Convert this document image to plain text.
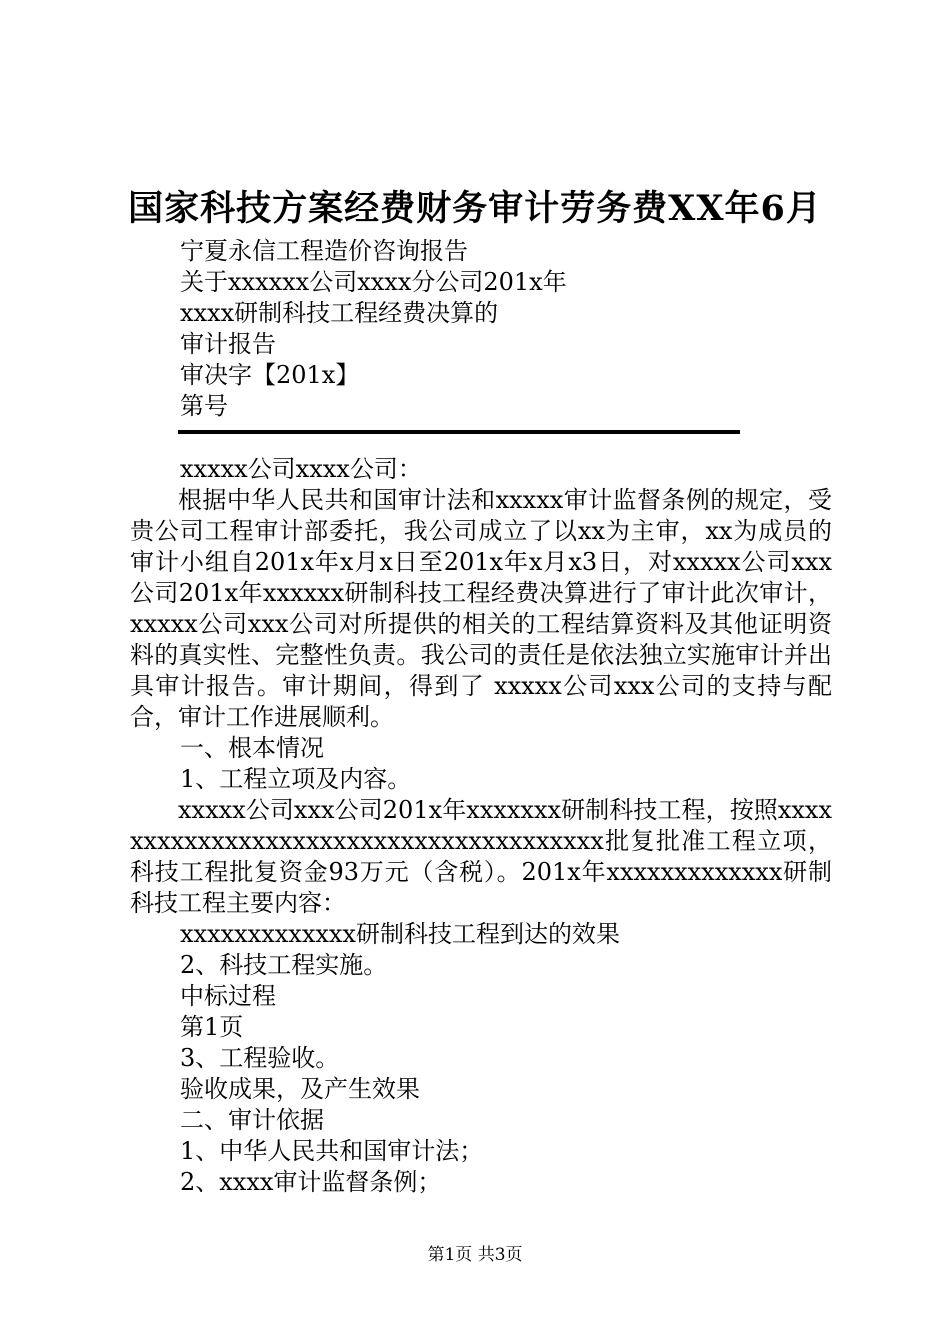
国家科技方案经费财务审计劳务费XX年6月
宁夏永信工程造价咨询报告
关于xxxxxx公司xxxx分公司201x年
xxxx研制科技工程经费决算的
审计报告
审决字【201x】
第号
xxxxx公司xxxx公司：

根据中华人民共和国审计法和xxxxx审计监督条例的规定，受贵公司工程审计部委托，我公司成立了以xx为主审，xx为成员的审计小组自201x年x月x日至201x年x月x3日，对xxxxx公司xxx公司201x年xxxxxx研制科技工程经费决算进行了审计此次审计，xxxxx公司xxx公司对所提供的相关的工程结算资料及其他证明资料的真实性、完整性负责。我公司的责任是依法独立实施审计并出具审计报告。审计期间，得到了 xxxxx公司xxx公司的支持与配合，审计工作进展顺利。

一、根本情况
1、工程立项及内容。

xxxxx公司xxx公司201x年xxxxxxx研制科技工程，按照xxxxxxxxxxxxxxxxxxxxxxxxxxxxxxxxxxxxxxx批复批准工程立项，科技工程批复资金93万元（含税）。201x年xxxxxxxxxxxxx研制科技工程主要内容：

xxxxxxxxxxxxx研制科技工程到达的效果
2、科技工程实施。
中标过程
第1页
3、工程验收。
验收成果，及产生效果
二、审计依据
1、中华人民共和国审计法；
2、xxxx审计监督条例；
第1页 共3页
